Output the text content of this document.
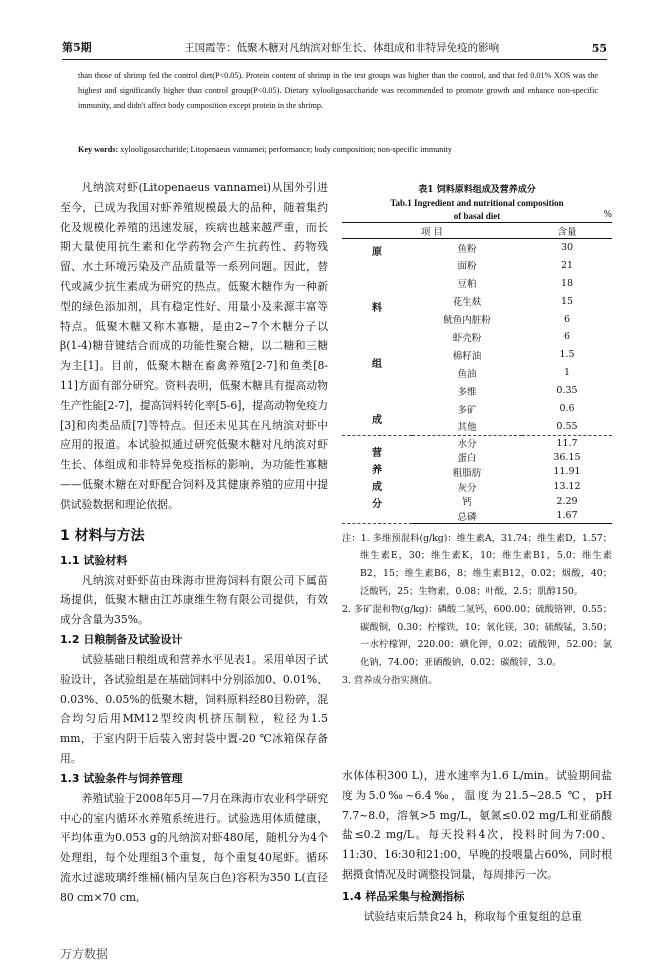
第5期	王国霞等：低聚木糖对凡纳滨对虾生长、体组成和非特异免疫的影响	55

than those of shrimp fed the control diet(P<0.05). Protein content of shrimp in the test groups was higher than the control, and that fed 0.01% XOS was the highest and significantly higher than control group(P<0.05). Dietary xylooligosaccharide was recommended to promote growth and enhance non-specific immunity, and didn't affect body composition except protein in the shrimp.

Key words: xylooligosaccharide; Litopenaeus vannamei; performance; body composition; non-specific immunity

凡纳滨对虾(Litopenaeus vannamei)从国外引进至今，已成为我国对虾养殖规模最大的品种，随着集约化及规模化养殖的迅速发展，疾病也越来越严重，而长期大量使用抗生素和化学药物会产生抗药性、药物残留、水土环境污染及产品质量等一系列问题。因此，替代或减少抗生素成为研究的热点。低聚木糖作为一种新型的绿色添加剂，具有稳定性好、用量小及来源丰富等特点。低聚木糖又称木寡糖，是由2~7个木糖分子以β(1-4)糖苷键结合而成的功能性聚合糖，以二糖和三糖为主[1]。目前，低聚木糖在畜禽养殖[2-7]和鱼类[8-11]方面有部分研究。资料表明，低聚木糖具有提高动物生产性能[2-7]，提高饲料转化率[5-6]，提高动物免疫力[3]和肉类品质[7]等特点。但还未见其在凡纳滨对虾中应用的报道。本试验拟通过研究低聚木糖对凡纳滨对虾生长、体组成和非特异免疫指标的影响，为功能性寡糖——低聚木糖在对虾配合饲料及其健康养殖的应用中提供试验数据和理论依据。

1 材料与方法
1.1 试验材料

凡纳滨对虾虾苗由珠海市世海饲料有限公司下属苗场提供，低聚木糖由江苏康维生物有限公司提供，有效成分含量为35%。

1.2 日粮制备及试验设计

试验基础日粮组成和营养水平见表1。采用单因子试验设计，各试验组是在基础饲料中分别添加0、0.01%、0.03%、0.05%的低聚木糖，饲料原料经80目粉碎，混合均匀后用MM12型绞肉机挤压制粒，粒径为1.5 mm，于室内阴干后装入密封袋中置-20 ℃冰箱保存备用。

1.3 试验条件与饲养管理

养殖试验于2008年5月—7月在珠海市农业科学研究中心的室内循环水养殖系统进行。试验选用体质健康，平均体重为0.053 g的凡纳滨对虾480尾，随机分为4个处理组，每个处理组3个重复，每个重复40尾虾。循环流水过滤玻璃纤维桶(桶内呈灰白色)容积为350 L(直径80 cm×70 cm,

表1 饲料原料组成及营养成分
Tab.1 Ingredient and nutritional composition
of basal diet	%
项 目		含量
原

料

组

成	鱼粉	30
	面粉	21
	豆粕	18
	花生麸	15
	鱿鱼内脏粉	6
	虾壳粉	6
	棉籽油	1.5
	鱼油	1
	多维	0.35
	多矿	0.6
	其他	0.55
营
养
成
分	水分	11.7
	蛋白	36.15
	粗脂肪	11.91
	灰分	13.12
	钙	2.29
	总磷	1.67

注：1. 多维预混料(g/kg)：维生素A，31.74；维生素D，1.57；维生素E，30；维生素K，10；维生素B1，5.0；维生素B2，15；维生素B6，8；维生素B12，0.02；烟酸，40；泛酸钙，25；生物素，0.08；叶酸，2.5；肌醇150。

2. 多矿混和物(g/kg)：磷酸二氢钙，600.00；硫酸铬钾，0.55；碳酸铜，0.30；柠檬铁，10；氧化镁，30；硫酸锰，3.50；一水柠檬钾，220.00；碘化钾，0.02；硫酸钾，52.00；氯化钠，74.00；亚硒酸钠，0.02；碳酸锌，3.0。

3. 营养成分指实测值。

水体体积300 L)，进水速率为1.6 L/min。试验期间盐度为5.0‰~6.4‰，温度为21.5~28.5 ℃，pH 7.7~8.0，溶氧>5 mg/L，氨氮≤0.02 mg/L和亚硝酸盐≤0.2 mg/L。每天投料4次，投料时间为7:00、11:30、16:30和21:00，早晚的投喂量占60%，同时根据摄食情况及时调整投饲量，每周排污一次。

1.4 样品采集与检测指标

试验结束后禁食24 h，称取每个重复组的总重

万方数据
